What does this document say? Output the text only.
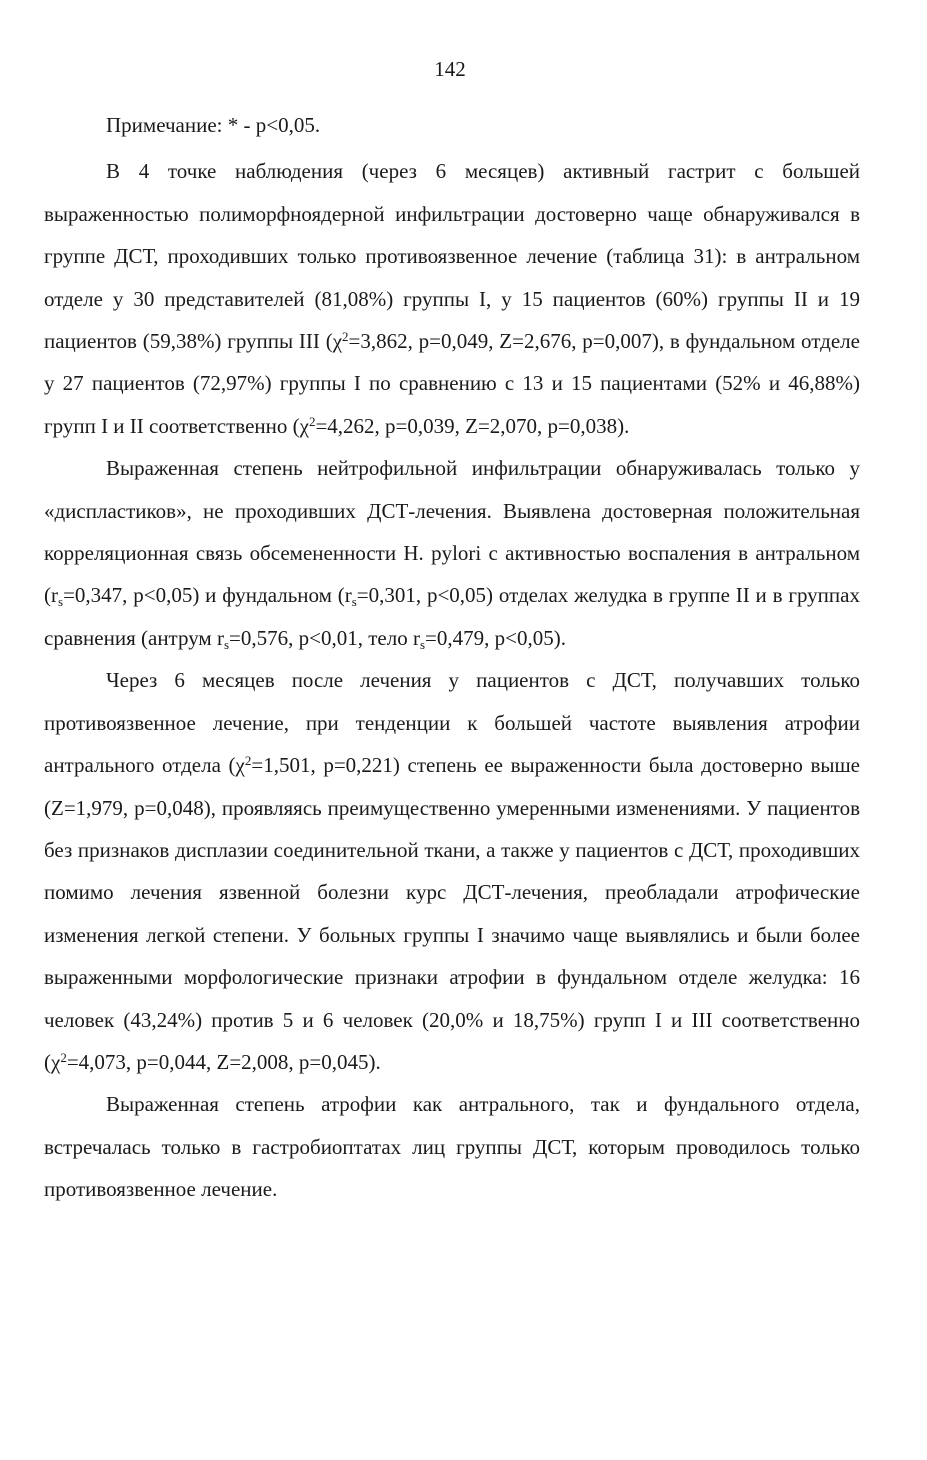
142

Примечание: * - p<0,05.

В 4 точке наблюдения (через 6 месяцев) активный гастрит с большей выраженностью полиморфноядерной инфильтрации достоверно чаще обнаруживался в группе ДСТ, проходивших только противоязвенное лечение (таблица 31): в антральном отделе у 30 представителей (81,08%) группы I, у 15 пациентов (60%) группы II и 19 пациентов (59,38%) группы III ($\chi^2=3,862$, p=0,049, Z=2,676, p=0,007), в фундальном отделе у 27 пациентов (72,97%) группы I по сравнению с 13 и 15 пациентами (52% и 46,88%) групп I и II соответственно ($\chi^2=4,262$, p=0,039, Z=2,070, p=0,038).

Выраженная степень нейтрофильной инфильтрации обнаруживалась только у «диспластиков», не проходивших ДСТ-лечения. Выявлена достоверная положительная корреляционная связь обсемененности H. pylori с активностью воспаления в антральном ($r_s=0,347$, p<0,05) и фундальном ($r_s=0,301$, p<0,05) отделах желудка в группе II и в группах сравнения (антрум $r_s=0,576$, p<0,01, тело $r_s=0,479$, p<0,05).

Через 6 месяцев после лечения у пациентов с ДСТ, получавших только противоязвенное лечение, при тенденции к большей частоте выявления атрофии антрального отдела ($\chi^2=1,501$, p=0,221) степень ее выраженности была достоверно выше (Z=1,979, p=0,048), проявляясь преимущественно умеренными изменениями. У пациентов без признаков дисплазии соединительной ткани, а также у пациентов с ДСТ, проходивших помимо лечения язвенной болезни курс ДСТ-лечения, преобладали атрофические изменения легкой степени. У больных группы I значимо чаще выявлялись и были более выраженными морфологические признаки атрофии в фундальном отделе желудка: 16 человек (43,24%) против 5 и 6 человек (20,0% и 18,75%) групп I и III соответственно ($\chi^2=4,073$, p=0,044, Z=2,008, p=0,045).

Выраженная степень атрофии как антрального, так и фундального отдела, встречалась только в гастробиоптатах лиц группы ДСТ, которым проводилось только противоязвенное лечение.
